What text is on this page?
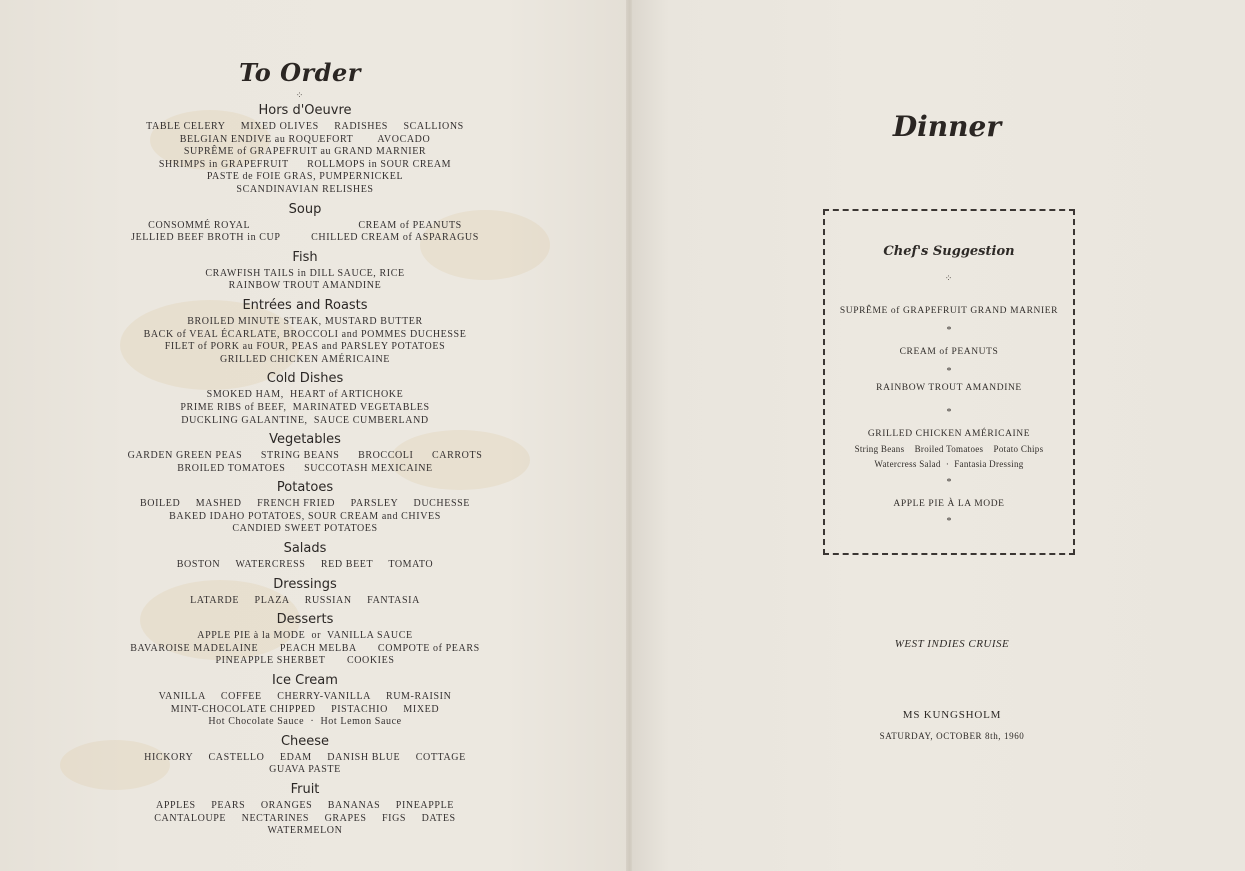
To Order
⁘
Hors d'Oeuvre
TABLE CELERY     MIXED OLIVES     RADISHES     SCALLIONS
BELGIAN ENDIVE au ROQUEFORT        AVOCADO
SUPRÊME of GRAPEFRUIT au GRAND MARNIER
SHRIMPS in GRAPEFRUIT      ROLLMOPS in SOUR CREAM
PASTE de FOIE GRAS, PUMPERNICKEL
SCANDINAVIAN RELISHES
Soup
CONSOMMÉ ROYAL                                   CREAM of PEANUTS
JELLIED BEEF BROTH in CUP          CHILLED CREAM of ASPARAGUS
Fish
CRAWFISH TAILS in DILL SAUCE, RICE
RAINBOW TROUT AMANDINE
Entrées and Roasts
BROILED MINUTE STEAK, MUSTARD BUTTER
BACK of VEAL ÉCARLATE, BROCCOLI and POMMES DUCHESSE
FILET of PORK au FOUR, PEAS and PARSLEY POTATOES
GRILLED CHICKEN AMÉRICAINE
Cold Dishes
SMOKED HAM,  HEART of ARTICHOKE
PRIME RIBS of BEEF,  MARINATED VEGETABLES
DUCKLING GALANTINE,  SAUCE CUMBERLAND
Vegetables
GARDEN GREEN PEAS      STRING BEANS      BROCCOLI      CARROTS
BROILED TOMATOES      SUCCOTASH MEXICAINE
Potatoes
BOILED     MASHED     FRENCH FRIED     PARSLEY     DUCHESSE
BAKED IDAHO POTATOES, SOUR CREAM and CHIVES
CANDIED SWEET POTATOES
Salads
BOSTON     WATERCRESS     RED BEET     TOMATO
Dressings
LATARDE     PLAZA     RUSSIAN     FANTASIA
Desserts
APPLE PIE à la MODE  or  VANILLA SAUCE
BAVAROISE MADELAINE       PEACH MELBA       COMPOTE of PEARS
PINEAPPLE SHERBET       COOKIES
Ice Cream
VANILLA     COFFEE     CHERRY-VANILLA     RUM-RAISIN
MINT-CHOCOLATE CHIPPED     PISTACHIO     MIXED
Hot Chocolate Sauce  ·  Hot Lemon Sauce
Cheese
HICKORY     CASTELLO     EDAM     DANISH BLUE     COTTAGE
GUAVA PASTE
Fruit
APPLES     PEARS     ORANGES     BANANAS     PINEAPPLE
CANTALOUPE     NECTARINES     GRAPES     FIGS     DATES
WATERMELON
Dinner
Chef's Suggestion
⁘
SUPRÊME of GRAPEFRUIT GRAND MARNIER
*
CREAM of PEANUTS
*
RAINBOW TROUT AMANDINE
*
GRILLED CHICKEN AMÉRICAINE
String Beans    Broiled Tomatoes    Potato Chips
Watercress Salad  ·  Fantasia Dressing
*
APPLE PIE À LA MODE
*
WEST INDIES CRUISE
MS KUNGSHOLM
SATURDAY, OCTOBER 8th, 1960
